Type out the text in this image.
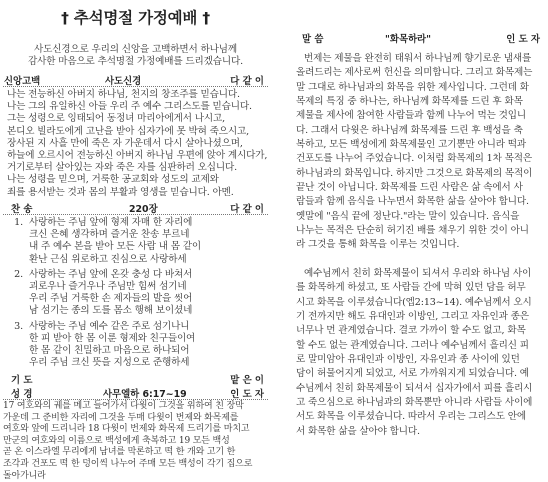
† 추석명절 가정예배 †
사도신경으로 우리의 신앙을 고백하면서 하나님께
감사한 마음으로 추석명절 가정예배를 드리겠습니다.
신앙고백	사도신경	다 같 이
나는 전능하신 아버지 하나님, 천지의 창조주를 믿습니다.
나는 그의 유일하신 아들 우리 주 예수 그리스도를 믿습니다.
그는 성령으로 잉태되어 동정녀 마리아에게서 나시고,
본디오 빌라도에게 고난을 받아 십자가에 못 박혀 죽으시고,
장사된 지 사흘 만에 죽은 자 가운데서 다시 살아나셨으며,
하늘에 오르시어 전능하신 아버지 하나님 우편에 앉아 계시다가,
거기로부터 살아있는 자와 죽은 자를 심판하러 오십니다.
나는 성령을 믿으며, 거룩한 공교회와 성도의 교제와
죄를 용서받는 것과 몸의 부활과 영생을 믿습니다. 아멘.
찬 송	220장	다 같 이
1. 사랑하는 주님 앞에 형제 자매 한 자리에
크신 은혜 생각하며 즐거운 찬송 부르네
내 주 예수 본을 받아 모든 사람 내 몸 같이
환난 근심 위로하고 진심으로 사랑하세
2. 사랑하는 주님 앞에 온갖 충성 다 바쳐서
괴로우나 즐거우나 주님만 힘써 섬기네
우리 주님 거룩한 손 제자들의 발을 씻어
남 섬기는 종의 도를 몸소 행해 보이셨네
3. 사랑하는 주님 예수 같은 주로 섬기나니
한 피 받아 한 몸 이룬 형제와 친구들이여
한 몸 같이 친밀하고 마음으로 하나되어
우리 주님 크신 뜻을 지성으로 준행하세
기 도	맡 은 이
성 경	사무엘하 6:17~19	인 도 자
17 여호와의 궤를 메고 들어가서 다윗이 그것을 위하여 친 장막
가운데 그 준비한 자리에 그것을 두매 다윗이 번제와 화목제를
여호와 앞에 드리니라 18 다윗이 번제와 화목제 드리기를 마치고
만군의 여호와의 이름으로 백성에게 축복하고 19 모든 백성
곧 온 이스라엘 무리에게 남녀를 막론하고 떡 한 개와 고기 한
조각과 건포도 떡 한 덩이씩 나누어 주매 모든 백성이 각기 집으로
돌아가니라
말 씀	"화목하라"	인 도 자
번제는 제물을 완전히 태워서 하나님께 향기로운 냄새를
올려드리는 제사로써 헌신을 의미합니다. 그리고 화목제는
말 그대로 하나님과의 화목을 위한 제사입니다. 그런데 화
목제의 특징 중 하나는, 하나님께 화목제를 드린 후 화목
제물을 제사에 참여한 사람들과 함께 나누어 먹는 것입니
다. 그래서 다윗은 하나님께 화목제를 드린 후 백성을 축
복하고, 모든 백성에게 화목제물인 고기뿐만 아니라 떡과
건포도를 나누어 주었습니다. 이처럼 화목제의 1차 목적은
하나님과의 화목입니다. 하지만 그것으로 화목제의 목적이
끝난 것이 아닙니다. 화목제를 드린 사람은 삶 속에서 사
람들과 함께 음식을 나누면서 화목한 삶을 살아야 합니다.
옛말에 "음식 끝에 정난다."라는 말이 있습니다. 음식을
나누는 목적은 단순히 허기진 배를 채우기 위한 것이 아니
라 그것을 통해 화목을 이루는 것입니다.
예수님께서 친히 화목제물이 되셔서 우리와 하나님 사이
를 화목하게 하셨고, 또 사람들 간에 막혀 있던 담을 허무
시고 화목을 이루셨습니다(엡2:13~14). 예수님께서 오시
기 전까지만 해도 유대인과 이방인, 그리고 자유인과 종은
너무나 먼 관계였습니다. 결코 가까이 할 수도 없고, 화목
할 수도 없는 관계였습니다. 그러나 예수님께서 흘리신 피
로 말미암아 유대인과 이방인, 자유인과 종 사이에 있던
담이 허물어지게 되었고, 서로 가까워지게 되었습니다. 예
수님께서 친히 화목제물이 되셔서 십자가에서 피를 흘리시
고 죽으심으로 하나님과의 화목뿐만 아니라 사람들 사이에
서도 화목을 이루셨습니다. 따라서 우리는 그리스도 안에
서 화목한 삶을 살아야 합니다.
